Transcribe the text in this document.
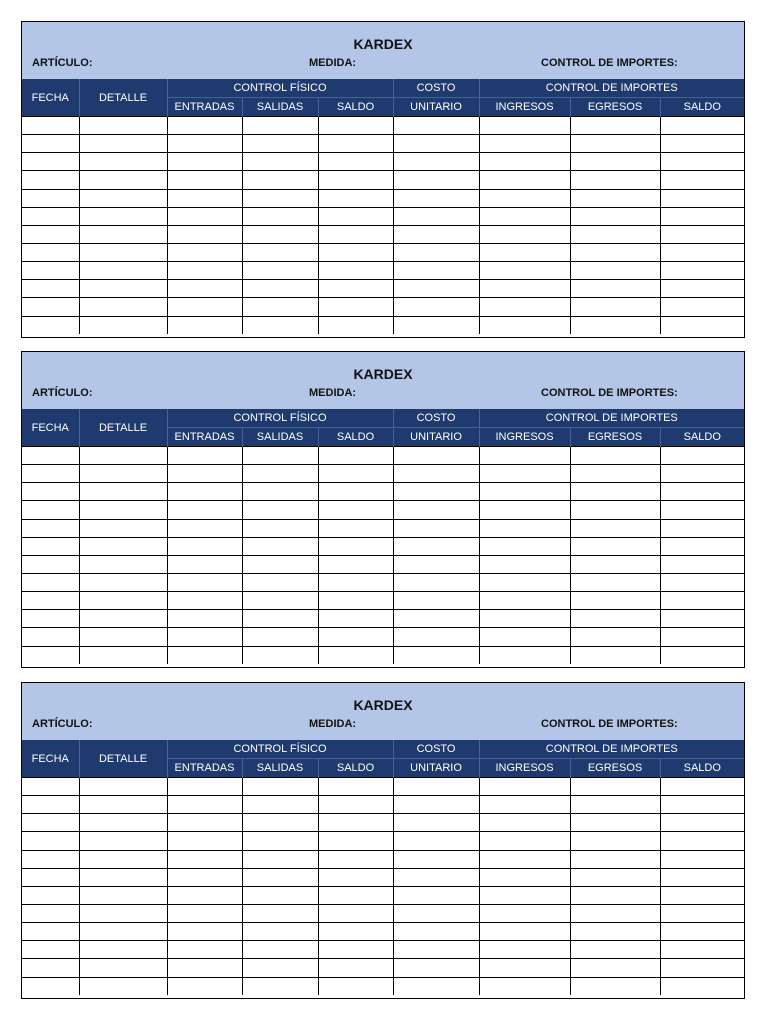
KARDEX
ARTÍCULO:	MEDIDA:	CONTROL DE IMPORTES:
FECHA	DETALLE	CONTROL FÍSICO			COSTO	CONTROL DE IMPORTES		
		ENTRADAS	SALIDAS	SALDO	UNITARIO	INGRESOS	EGRESOS	SALDO

KARDEX
ARTÍCULO:	MEDIDA:	CONTROL DE IMPORTES:
FECHA	DETALLE	CONTROL FÍSICO			COSTO	CONTROL DE IMPORTES		
		ENTRADAS	SALIDAS	SALDO	UNITARIO	INGRESOS	EGRESOS	SALDO

KARDEX
ARTÍCULO:	MEDIDA:	CONTROL DE IMPORTES:
FECHA	DETALLE	CONTROL FÍSICO			COSTO	CONTROL DE IMPORTES		
		ENTRADAS	SALIDAS	SALDO	UNITARIO	INGRESOS	EGRESOS	SALDO
